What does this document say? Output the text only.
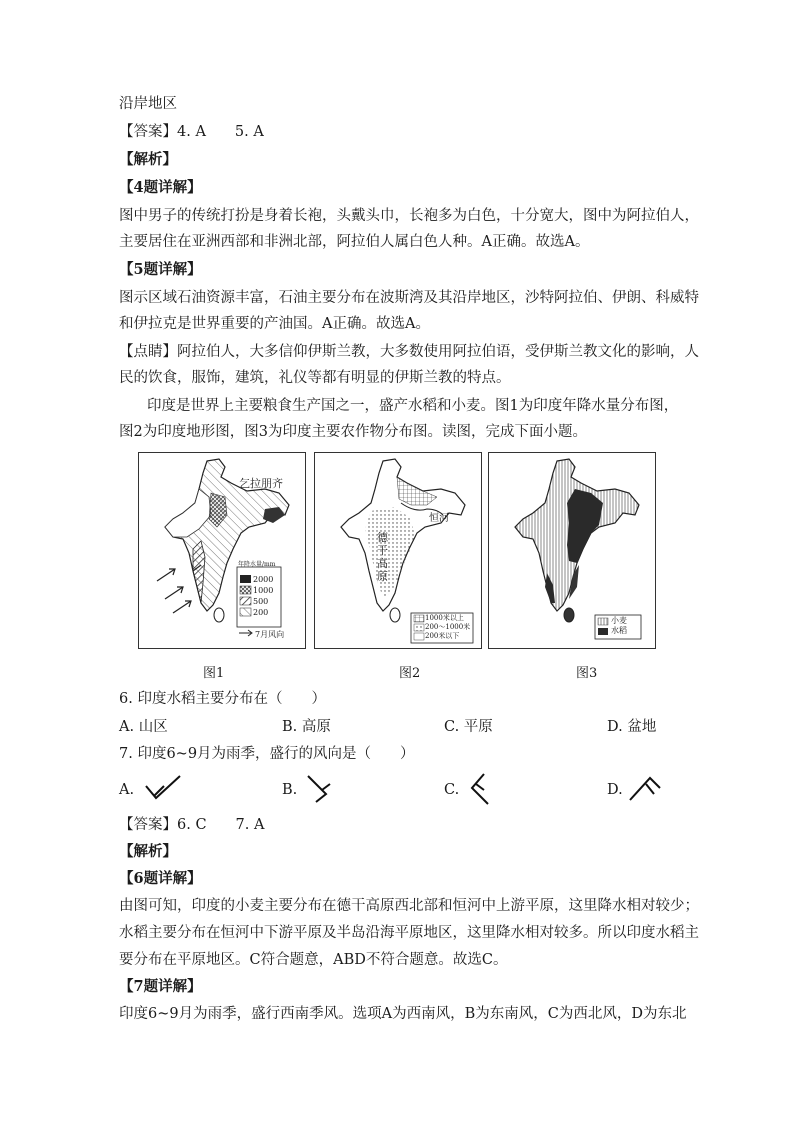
沿岸地区
【答案】4. A　　5. A
【解析】
【4题详解】
图中男子的传统打扮是身着长袍，头戴头巾，长袍多为白色，十分宽大，图中为阿拉伯人，
主要居住在亚洲西部和非洲北部，阿拉伯人属白色人种。A正确。故选A。
【5题详解】
图示区域石油资源丰富，石油主要分布在波斯湾及其沿岸地区，沙特阿拉伯、伊朗、科威特
和伊拉克是世界重要的产油国。A正确。故选A。
【点睛】阿拉伯人，大多信仰伊斯兰教，大多数使用阿拉伯语，受伊斯兰教文化的影响，人
民的饮食，服饰，建筑，礼仪等都有明显的伊斯兰教的特点。
印度是世界上主要粮食生产国之一，盛产水稻和小麦。图1为印度年降水量分布图，
图2为印度地形图，图3为印度主要农作物分布图。读图，完成下面小题。
乞拉朋齐
年降水量/mm
2000
1000
500
200
7月风向
德干高原
恒河
1000米以上
200～1000米
200米以下
小麦
水稻
图1	图2	图3
6. 印度水稻主要分布在（　　）
A. 山区	B. 高原	C. 平原	D. 盆地
7. 印度6~9月为雨季，盛行的风向是（　　）
A.	B.	C.	D.
【答案】6. C　　7. A
【解析】
【6题详解】
由图可知，印度的小麦主要分布在德干高原西北部和恒河中上游平原，这里降水相对较少；
水稻主要分布在恒河中下游平原及半岛沿海平原地区，这里降水相对较多。所以印度水稻主
要分布在平原地区。C符合题意，ABD不符合题意。故选C。
【7题详解】
印度6~9月为雨季，盛行西南季风。选项A为西南风，B为东南风，C为西北风，D为东北
